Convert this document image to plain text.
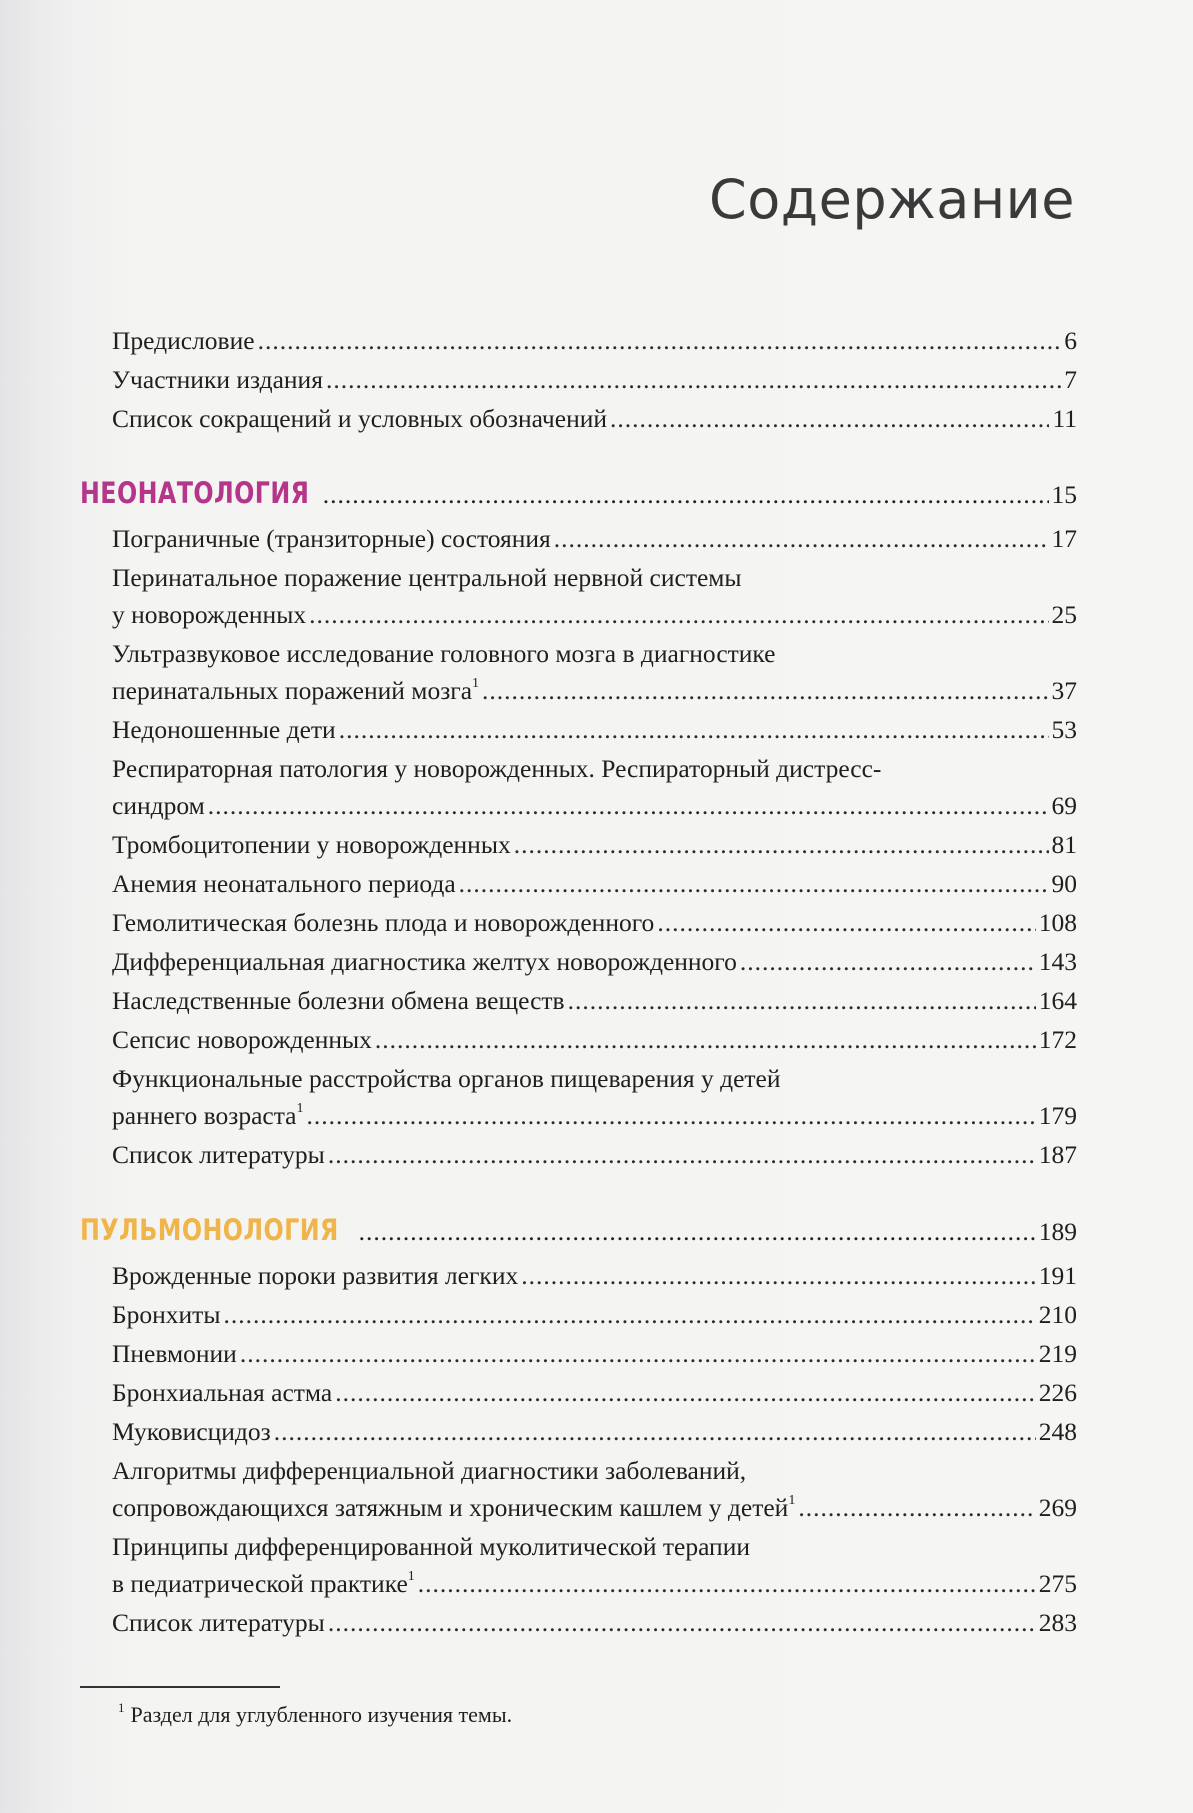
Содержание
Предисловие .....	6
Участники издания .....	7
Список сокращений и условных обозначений .....	11
НЕОНАТОЛОГИЯ .....	15
Пограничные (транзиторные) состояния .....	17
Перинатальное поражение центральной нервной системы
у новорожденных .....	25
Ультразвуковое исследование головного мозга в диагностике
перинатальных поражений мозга$^1$ .....	37
Недоношенные дети .....	53
Респираторная патология у новорожденных. Респираторный дистресс-
синдром .....	69
Тромбоцитопении у новорожденных .....	81
Анемия неонатального периода .....	90
Гемолитическая болезнь плода и новорожденного .....	108
Дифференциальная диагностика желтух новорожденного .....	143
Наследственные болезни обмена веществ .....	164
Сепсис новорожденных .....	172
Функциональные расстройства органов пищеварения у детей
раннего возраста$^1$ .....	179
Список литературы .....	187
ПУЛЬМОНОЛОГИЯ .....	189
Врожденные пороки развития легких .....	191
Бронхиты .....	210
Пневмонии .....	219
Бронхиальная астма .....	226
Муковисцидоз .....	248
Алгоритмы дифференциальной диагностики заболеваний,
сопровождающихся затяжным и хроническим кашлем у детей$^1$ .....	269
Принципы дифференцированной муколитической терапии
в педиатрической практике$^1$ .....	275
Список литературы .....	283
$^1$ Раздел для углубленного изучения темы.
